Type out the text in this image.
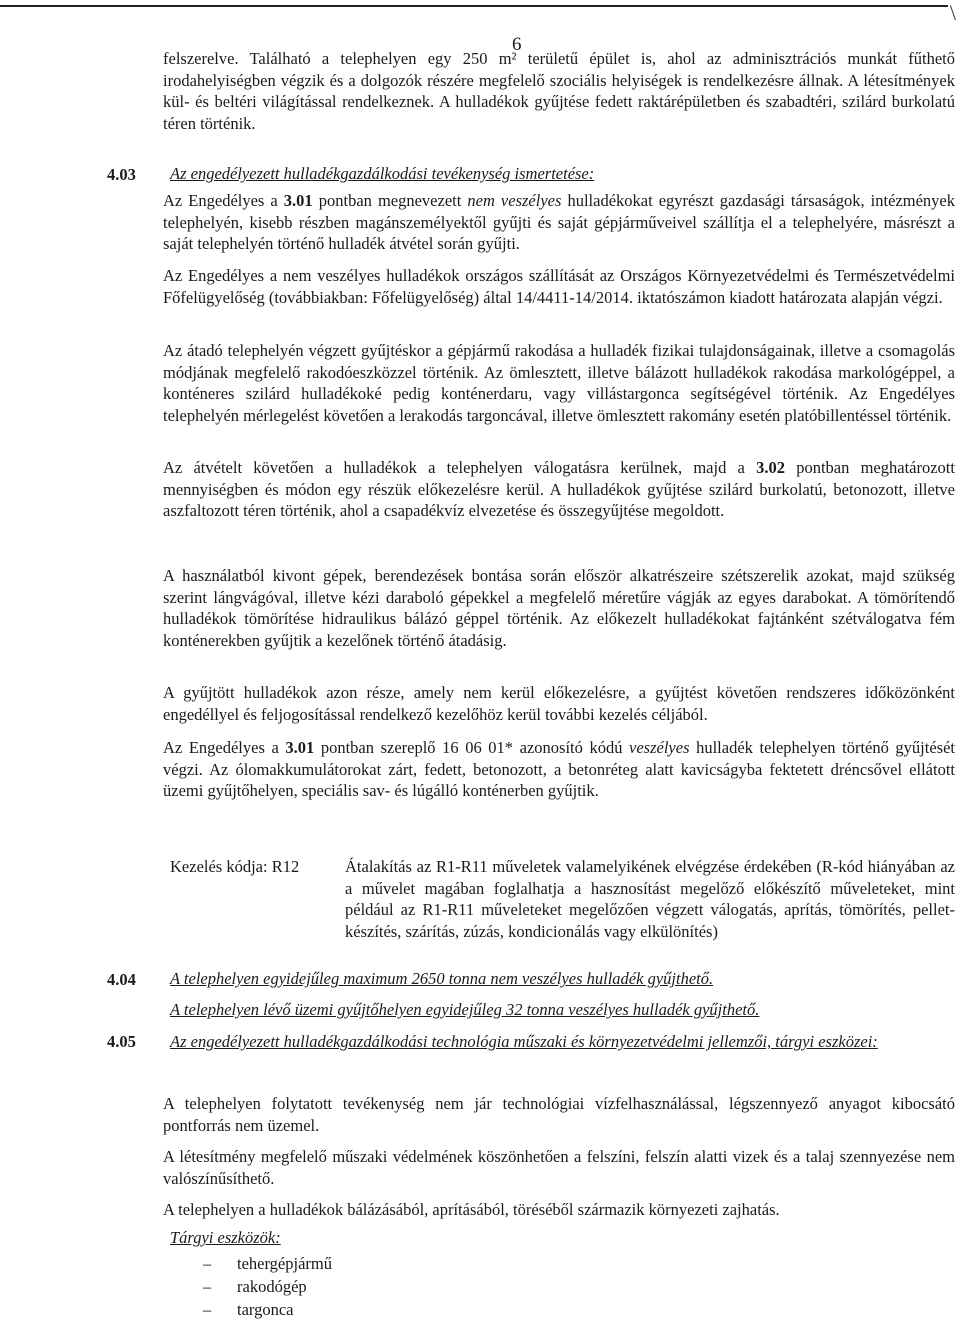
\
6

felszerelve. Található a telephelyen egy 250 m² területű épület is, ahol az adminisztrációs munkát fűthető irodahelyiségben végzik és a dolgozók részére megfelelő szociális helyiségek is rendelkezésre állnak. A létesítmények kül- és beltéri világítással rendelkeznek. A hulladékok gyűjtése fedett raktárépületben és szabadtéri, szilárd burkolatú téren történik.

4.03 Az engedélyezett hulladékgazdálkodási tevékenység ismertetése:

Az Engedélyes a 3.01 pontban megnevezett nem veszélyes hulladékokat egyrészt gazdasági társaságok, intézmények telephelyén, kisebb részben magánszemélyektől gyűjti és saját gépjárműveivel szállítja el a telephelyére, másrészt a saját telephelyén történő hulladék átvétel során gyűjti.

Az Engedélyes a nem veszélyes hulladékok országos szállítását az Országos Környezetvédelmi és Természetvédelmi Főfelügyelőség (továbbiakban: Főfelügyelőség) által 14/4411-14/2014. iktatószámon kiadott határozata alapján végzi.

Az átadó telephelyén végzett gyűjtéskor a gépjármű rakodása a hulladék fizikai tulajdonságainak, illetve a csomagolás módjának megfelelő rakodóeszközzel történik. Az ömlesztett, illetve bálázott hulladékok rakodása markológéppel, a konténeres szilárd hulladékoké pedig konténerdaru, vagy villástargonca segítségével történik. Az Engedélyes telephelyén mérlegelést követően a lerakodás targoncával, illetve ömlesztett rakomány esetén platóbillentéssel történik.

Az átvételt követően a hulladékok a telephelyen válogatásra kerülnek, majd a 3.02 pontban meghatározott mennyiségben és módon egy részük előkezelésre kerül. A hulladékok gyűjtése szilárd burkolatú, betonozott, illetve aszfaltozott téren történik, ahol a csapadékvíz elvezetése és összegyűjtése megoldott.

A használatból kivont gépek, berendezések bontása során először alkatrészeire szétszerelik azokat, majd szükség szerint lángvágóval, illetve kézi daraboló gépekkel a megfelelő méretűre vágják az egyes darabokat. A tömörítendő hulladékok tömörítése hidraulikus bálázó géppel történik. Az előkezelt hulladékokat fajtánként szétválogatva fém konténerekben gyűjtik a kezelőnek történő átadásig.

A gyűjtött hulladékok azon része, amely nem kerül előkezelésre, a gyűjtést követően rendszeres időközönként engedéllyel és feljogosítással rendelkező kezelőhöz kerül további kezelés céljából.

Az Engedélyes a 3.01 pontban szereplő 16 06 01* azonosító kódú veszélyes hulladék telephelyen történő gyűjtését végzi. Az ólomakkumulátorokat zárt, fedett, betonozott, a betonréteg alatt kavicságyba fektetett dréncsővel ellátott üzemi gyűjtőhelyen, speciális sav- és lúgálló konténerben gyűjtik.

Kezelés kódja: R12	Átalakítás az R1-R11 műveletek valamelyikének elvégzése érdekében (R-kód hiányában az a művelet magában foglalhatja a hasznosítást megelőző előkészítő műveleteket, mint például az R1-R11 műveleteket megelőzően végzett válogatás, aprítás, tömörítés, pellet-készítés, szárítás, zúzás, kondicionálás vagy elkülönítés)

4.04 A telephelyen egyidejűleg maximum 2650 tonna nem veszélyes hulladék gyűjthető.

A telephelyen lévő üzemi gyűjtőhelyen egyidejűleg 32 tonna veszélyes hulladék gyűjthető.

4.05 Az engedélyezett hulladékgazdálkodási technológia műszaki és környezetvédelmi jellemzői, tárgyi eszközei:

A telephelyen folytatott tevékenység nem jár technológiai vízfelhasználással, légszennyező anyagot kibocsátó pontforrás nem üzemel.

A létesítmény megfelelő műszaki védelmének köszönhetően a felszíni, felszín alatti vizek és a talaj szennyezése nem valószínűsíthető.

A telephelyen a hulladékok bálázásából, aprításából, töréséből származik környezeti zajhatás.

Tárgyi eszközök:

– tehergépjármű
– rakodógép
– targonca
